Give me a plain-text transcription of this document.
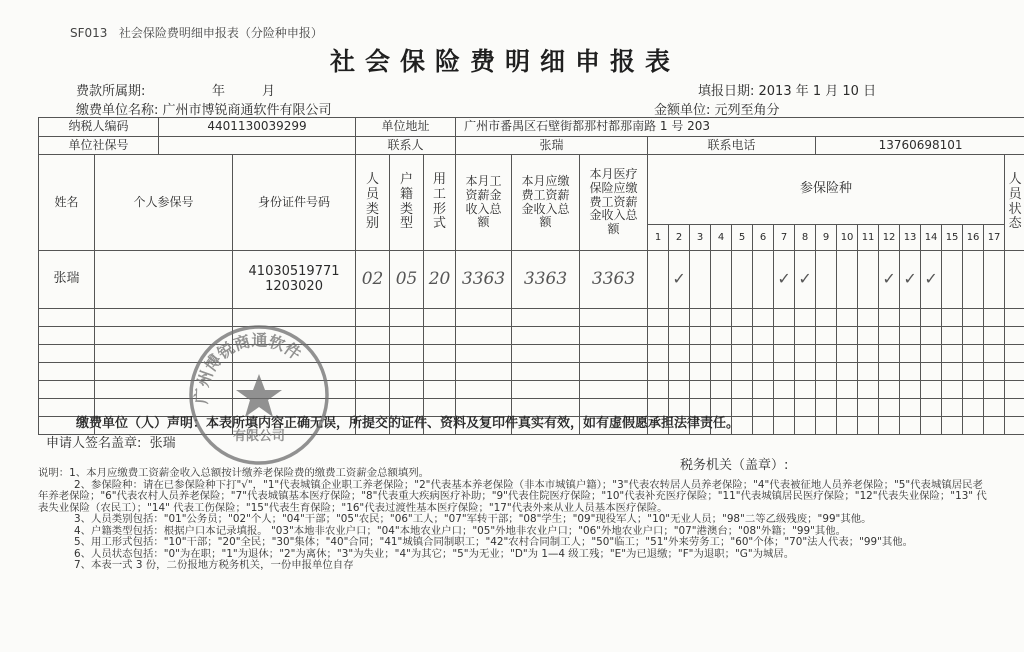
SF013 社会保险费明细申报表（分险种申报）
社会保险费明细申报表
费款所属期:	年	月	填报日期: 2013 年 1 月 10 日
缴费单位名称: 广州市博锐商通软件有限公司	金额单位: 元列至角分
纳税人编码		4401130039299		单位地址			广州市番禺区石壁街都那村都那南路 1 号 203																				
单位社保号				联系人			张瑞			联系电话								13760698101									
姓名	个人参保号		身份证件号码	人员类别	户籍类型	用工形式	本月工资薪金收入总额	本月应缴费工资薪金收入总额	本月医疗保险应缴费工资薪金收入总额	参保险种																	人员状态
										1	2	3	4	5	6	7	8	9	10	11	12	13	14	15	16	17	
张瑞			410305197711203020	02	05	20	3363	3363	3363		✓					✓	✓				✓	✓	✓				

缴费单位（人）声明：本表所填内容正确无误，所提交的证件、资料及复印件真实有效，如有虚假愿承担法律责任。
申请人签名盖章: 张瑞
税务机关（盖章）:
广州博锐商通软件
有限公司
说明：1、本月应缴费工资薪金收入总额按计缴养老保险费的缴费工资薪金总额填列。
2、参保险种：请在已参保险种下打"√"，"1"代表城镇企业职工养老保险；"2"代表基本养老保险（非本市城镇户籍）；"3"代表农转居人员养老保险；"4"代表被征地人员养老保险；"5"代表城镇居民老年养老保险；"6"代表农村人员养老保险；"7"代表城镇基本医疗保险；"8"代表重大疾病医疗补助；"9"代表住院医疗保险；"10"代表补充医疗保险；"11"代表城镇居民医疗保险；"12"代表失业保险；"13" 代表失业保险（农民工）；"14" 代表工伤保险；"15"代表生育保险；"16"代表过渡性基本医疗保险；"17"代表外来从业人员基本医疗保险。
3、人员类别包括："01"公务员；"02"个人；"04"干部；"05"农民；"06"工人；"07"军转干部；"08"学生；"09"现役军人；"10"无业人员；"98"二等乙级残废；"99"其他。
4、户籍类型包括：根据户口本记录填报。 "03"本地非农业户口；"04"本地农业户口；"05"外地非农业户口；"06"外地农业户口；"07"港澳台；"08"外籍；"99"其他。
5、用工形式包括："10"干部；"20"全民；"30"集体；"40"合同；"41"城镇合同制职工；"42"农村合同制工人；"50"临工；"51"外来劳务工；"60"个体；"70"法人代表；"99"其他。
6、人员状态包括："0"为在职；"1"为退休；"2"为离休；"3"为失业；"4"为其它；"5"为无业；"D"为 1—4 级工残；"E"为已退缴；"F"为退职；"G"为城居。
7、本表一式 3 份，二份报地方税务机关，一份申报单位自存
